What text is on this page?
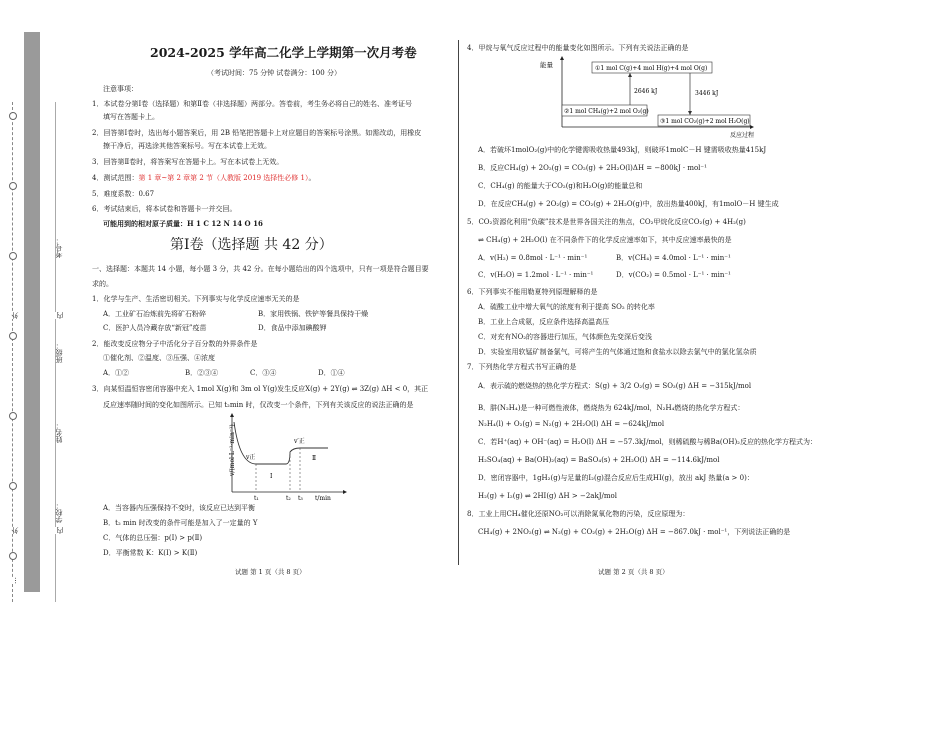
考号：
班级：
姓名：
学校：
外
外
内
内
…
2024-2025 学年高二化学上学期第一次月考卷
（考试时间：75 分钟 试卷满分：100 分）
注意事项：
1．本试卷分第Ⅰ卷（选择题）和第Ⅱ卷（非选择题）两部分。答卷前，考生务必将自己的姓名、准考证号
填写在答题卡上。
2．回答第Ⅰ卷时，选出每小题答案后，用 2B 铅笔把答题卡上对应题目的答案标号涂黑。如需改动，用橡皮
擦干净后，再选涂其他答案标号。写在本试卷上无效。
3．回答第Ⅱ卷时，将答案写在答题卡上。写在本试卷上无效。
4．测试范围：第 1 章~第 2 章第 2 节（人教版 2019 选择性必修 1）。
5．难度系数：0.67
6．考试结束后，将本试卷和答题卡一并交回。
可能用到的相对原子质量：H 1 C 12 N 14 O 16
第Ⅰ卷（选择题 共 42 分）
一、选择题：本题共 14 小题，每小题 3 分，共 42 分。在每小题给出的四个选项中，只有一项是符合题目要
求的。
1．化学与生产、生活密切相关。下列事实与化学反应速率无关的是
A．工业矿石冶炼前先将矿石粉碎	B．家用铁锅、铁铲等餐具保持干燥
C．医护人员冷藏存放“新冠”疫苗	D．食品中添加碘酸钾
2．能改变反应物分子中活化分子百分数的外界条件是
①催化剂、②温度、③压强、④浓度
A．①②	B．②③④	C．③④	D．①④
3．向某恒温恒容密闭容器中充入 1mol X(g)和 3m ol Y(g)发生反应X(g) + 2Y(g) ⇌ 3Z(g) ΔH < 0，其正
反应速率随时间的变化如图所示。已知 t₂min 时，仅改变一个条件，下列有关该反应的说法正确的是
v/(mol·L⁻¹·min⁻¹) v正
v′正
Ⅰ
Ⅱ
t₁	t₂ t₃ t/min
A．当容器内压强保持不变时，该反应已达到平衡
B．t₂ min 时改变的条件可能是加入了一定量的 Y
C．气体的总压强：p(Ⅰ) > p(Ⅱ)
D．平衡常数 K：K(Ⅰ) > K(Ⅱ)
试题 第 1 页（共 8 页）
4．甲烷与氧气反应过程中的能量变化如图所示。下列有关说法正确的是
能量	①1 mol C(g)+4 mol H(g)+4 mol O(g)
②1 mol CH₄(g)+2 mol O₂(g)
③1 mol CO₂(g)+2 mol H₂O(g)
2646 kJ	3446 kJ
反应过程
A．若破坏1molO₂(g)中的化学键需吸收热量493kJ，则破坏1molC－H 键需吸收热量415kJ
B．反应CH₄(g) + 2O₂(g) = CO₂(g) + 2H₂O(l)ΔH = −800kJ · mol⁻¹
C．CH₄(g) 的能量大于CO₂(g)和H₂O(g)的能量总和
D．在反应CH₄(g) + 2O₂(g) = CO₂(g) + 2H₂O(g)中，放出热量400kJ，有1molO－H 键生成
5．CO₂资源化利用“负碳”技术是世界各国关注的焦点，CO₂甲烷化反应CO₂(g) + 4H₂(g)
⇌ CH₄(g) + 2H₂O(l) 在不同条件下的化学反应速率如下，其中反应速率最快的是
A．v(H₂) = 0.8mol · L⁻¹ · min⁻¹	B．v(CH₄) = 4.0mol · L⁻¹ · min⁻¹
C．v(H₂O) = 1.2mol · L⁻¹ · min⁻¹	D．v(CO₂) = 0.5mol · L⁻¹ · min⁻¹
6．下列事实不能用勒夏特列原理解释的是
A．硫酸工业中增大氧气的浓度有利于提高 SO₂ 的转化率
B．工业上合成氨，反应条件选择高温高压
C．对充有NO₂的容器进行加压，气体颜色先变深后变浅
D．实验室用软锰矿制备氯气，可将产生的气体通过饱和食盐水以除去氯气中的氯化氢杂质
7．下列热化学方程式书写正确的是
A．表示硫的燃烧热的热化学方程式：S(g) + 3/2 O₂(g) = SO₃(g) ΔH = −315kJ/mol
B．肼(N₂H₄)是一种可燃性液体，燃烧热为 624kJ/mol，N₂H₄燃烧的热化学方程式：
N₂H₄(l) + O₂(g) = N₂(g) + 2H₂O(l) ΔH = −624kJ/mol
C．若H⁺(aq) + OH⁻(aq) = H₂O(l) ΔH = −57.3kJ/mol，则稀硫酸与稀Ba(OH)₂反应的热化学方程式为：
H₂SO₄(aq) + Ba(OH)₂(aq) = BaSO₄(s) + 2H₂O(l) ΔH = −114.6kJ/mol
D．密闭容器中，1gH₂(g)与足量的I₂(g)混合反应后生成HI(g)，放出 akJ 热量(a > 0)：
H₂(g) + I₂(g) ⇌ 2HI(g) ΔH > −2akJ/mol
8．工业上用CH₄催化还原NO₂可以消除氮氧化物的污染，反应原理为：
CH₄(g) + 2NO₂(g) ⇌ N₂(g) + CO₂(g) + 2H₂O(g) ΔH = −867.0kJ · mol⁻¹，下列说法正确的是
试题 第 2 页（共 8 页）
